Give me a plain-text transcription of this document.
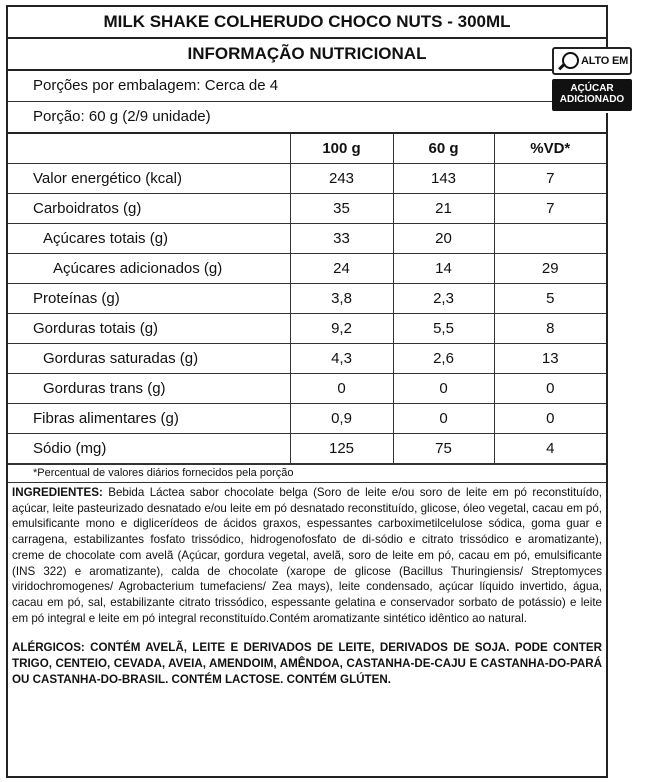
MILK SHAKE COLHERUDO CHOCO NUTS - 300ML
INFORMAÇÃO NUTRICIONAL
Porções por embalagem: Cerca de 4
Porção: 60 g (2/9 unidade)
	100 g	60 g	%VD*
Valor energético (kcal)	243	143	7
Carboidratos (g)	35	21	7
Açúcares totais (g)	33	20	
Açúcares adicionados (g)	24	14	29
Proteínas (g)	3,8	2,3	5
Gorduras totais (g)	9,2	5,5	8
Gorduras saturadas (g)	4,3	2,6	13
Gorduras trans (g)	0	0	0
Fibras alimentares (g)	0,9	0	0
Sódio (mg)	125	75	4
*Percentual de valores diários fornecidos pela porção
INGREDIENTES: Bebida Láctea sabor chocolate belga (Soro de leite e/ou soro de leite em pó reconstituído, açúcar, leite pasteurizado desnatado e/ou leite em pó desnatado reconstituído, glicose, óleo vegetal, cacau em pó, emulsificante mono e diglicerídeos de ácidos graxos, espessantes carboximetilcelulose sódica, goma guar e carragena, estabilizantes fosfato trissódico, hidrogenofosfato de di-sódio e citrato trissódico e aromatizante), creme de chocolate com avelã (Açúcar, gordura vegetal, avelã, soro de leite em pó, cacau em pó, emulsificante (INS 322) e aromatizante), calda de chocolate (xarope de glicose (Bacillus Thuringiensis/ Streptomyces viridochromogenes/ Agrobacterium tumefaciens/ Zea mays), leite condensado, açúcar líquido invertido, água, cacau em pó, sal, estabilizante citrato trissódico, espessante gelatina e conservador sorbato de potássio) e leite em pó integral e leite em pó integral reconstituído.Contém aromatizante sintético idêntico ao natural.
ALÉRGICOS: CONTÉM AVELÃ, LEITE E DERIVADOS DE LEITE, DERIVADOS DE SOJA. PODE CONTER TRIGO, CENTEIO, CEVADA, AVEIA, AMENDOIM, AMÊNDOA, CASTANHA-DE-CAJU E CASTANHA-DO-PARÁ OU CASTANHA-DO-BRASIL. CONTÉM LACTOSE. CONTÉM GLÚTEN.
ALTO EM
AÇÚCAR
ADICIONADO
